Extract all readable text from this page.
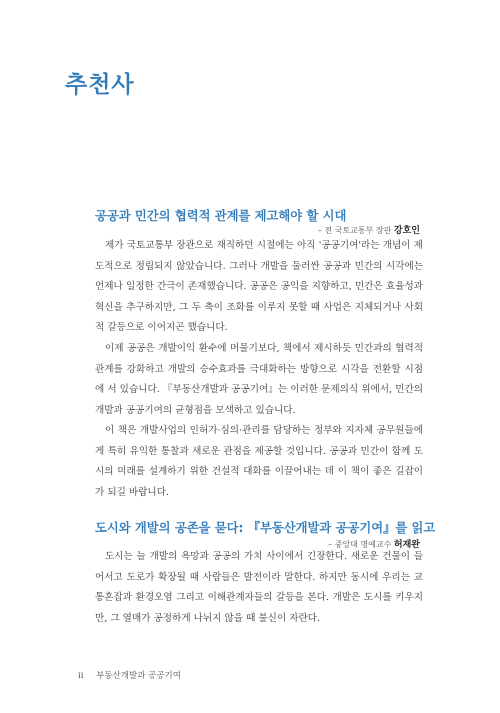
추천사
공공과 민간의 협력적 관계를 제고해야 할 시대
– 전 국토교통부 장관 강호인

제가 국토교통부 장관으로 재직하던 시절에는 아직 '공공기여'라는 개념이 제도적으로 정립되지 않았습니다. 그러나 개발을 둘러싼 공공과 민간의 시각에는 언제나 일정한 간극이 존재했습니다. 공공은 공익을 지향하고, 민간은 효율성과 혁신을 추구하지만, 그 두 축이 조화를 이루지 못할 때 사업은 지체되거나 사회적 갈등으로 이어지곤 했습니다.

이제 공공은 개발이익 환수에 머물기보다, 책에서 제시하듯 민간과의 협력적 관계를 강화하고 개발의 승수효과를 극대화하는 방향으로 시각을 전환할 시점에 서 있습니다. 『부동산개발과 공공기여』는 이러한 문제의식 위에서, 민간의 개발과 공공기여의 균형점을 모색하고 있습니다.

이 책은 개발사업의 인허가·심의·관리를 담당하는 정부와 지자체 공무원들에게 특히 유익한 통찰과 새로운 관점을 제공할 것입니다. 공공과 민간이 함께 도시의 미래를 설계하기 위한 건설적 대화를 이끌어내는 데 이 책이 좋은 길잡이가 되길 바랍니다.

도시와 개발의 공존을 묻다: 『부동산개발과 공공기여』를 읽고
– 중앙대 명예교수 허재완

도시는 늘 개발의 욕망과 공공의 가치 사이에서 긴장한다. 새로운 건물이 들어서고 도로가 확장될 때 사람들은 발전이라 말한다. 하지만 동시에 우리는 교통혼잡과 환경오염 그리고 이해관계자들의 갈등을 본다. 개발은 도시를 키우지만, 그 열매가 공정하게 나뉘지 않을 때 불신이 자란다.

ii 부동산개발과 공공기여
